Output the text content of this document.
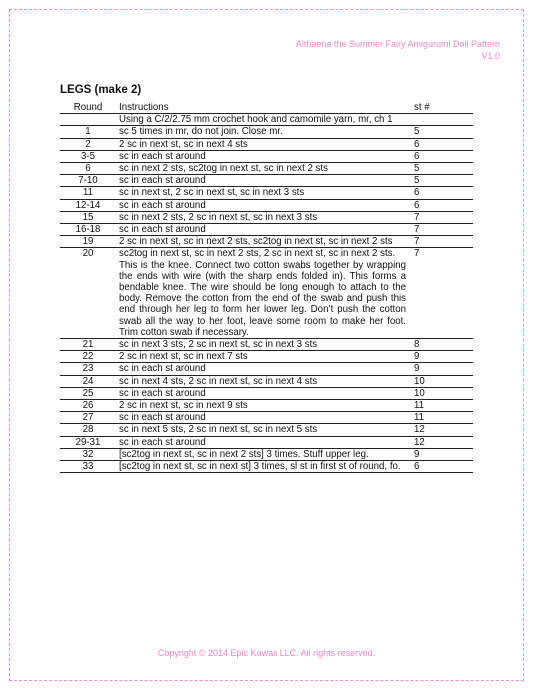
Althaena the Summer Fairy Amigurumi Doll Pattern
V1.0
LEGS (make 2)
Round	Instructions	st #

	Using a C/2/2.75 mm crochet hook and camomile yarn, mr, ch 1	

1	sc 5 times in mr, do not join. Close mr.	5
2	2 sc in next st, sc in next 4 sts	6
3-5	sc in each st around	6
6	sc in next 2 sts, sc2tog in next st, sc in next 2 sts	5
7-10	sc in each st around	5
11	sc in next st, 2 sc in next st, sc in next 3 sts	6
12-14	sc in each st around	6
15	sc in next 2 sts, 2 sc in next st, sc in next 3 sts	7
16-18	sc in each st around	7
19	2 sc in next st, sc in next 2 sts, sc2tog in next st, sc in next 2 sts	7
20	sc2tog in next st, sc in next 2 sts, 2 sc in next st, sc in next 2 sts.
This is the knee. Connect two cotton swabs together by wrapping the ends with wire (with the sharp ends folded in). This forms a bendable knee. The wire should be long enough to attach to the body. Remove the cotton from the end of the swab and push this end through her leg to form her lower leg. Don’t push the cotton swab all the way to her foot, leave some room to make her foot. Trim cotton swab if necessary.	7
21	sc in next 3 sts, 2 sc in next st, sc in next 3 sts	8
22	2 sc in next st, sc in next 7 sts	9
23	sc in each st around	9
24	sc in next 4 sts, 2 sc in next st, sc in next 4 sts	10
25	sc in each st around	10
26	2 sc in next st, sc in next 9 sts	11
27	sc in each st around	11
28	sc in next 5 sts, 2 sc in next st, sc in next 5 sts	12
29-31	sc in each st around	12
32	[sc2tog in next st, sc in next 2 sts] 3 times. Stuff upper leg.	9
33	[sc2tog in next st, sc in next st] 3 times, sl st in first st of round, fo.	6
Copyright © 2014 Epic Kawaii LLC. All rights reserved.
